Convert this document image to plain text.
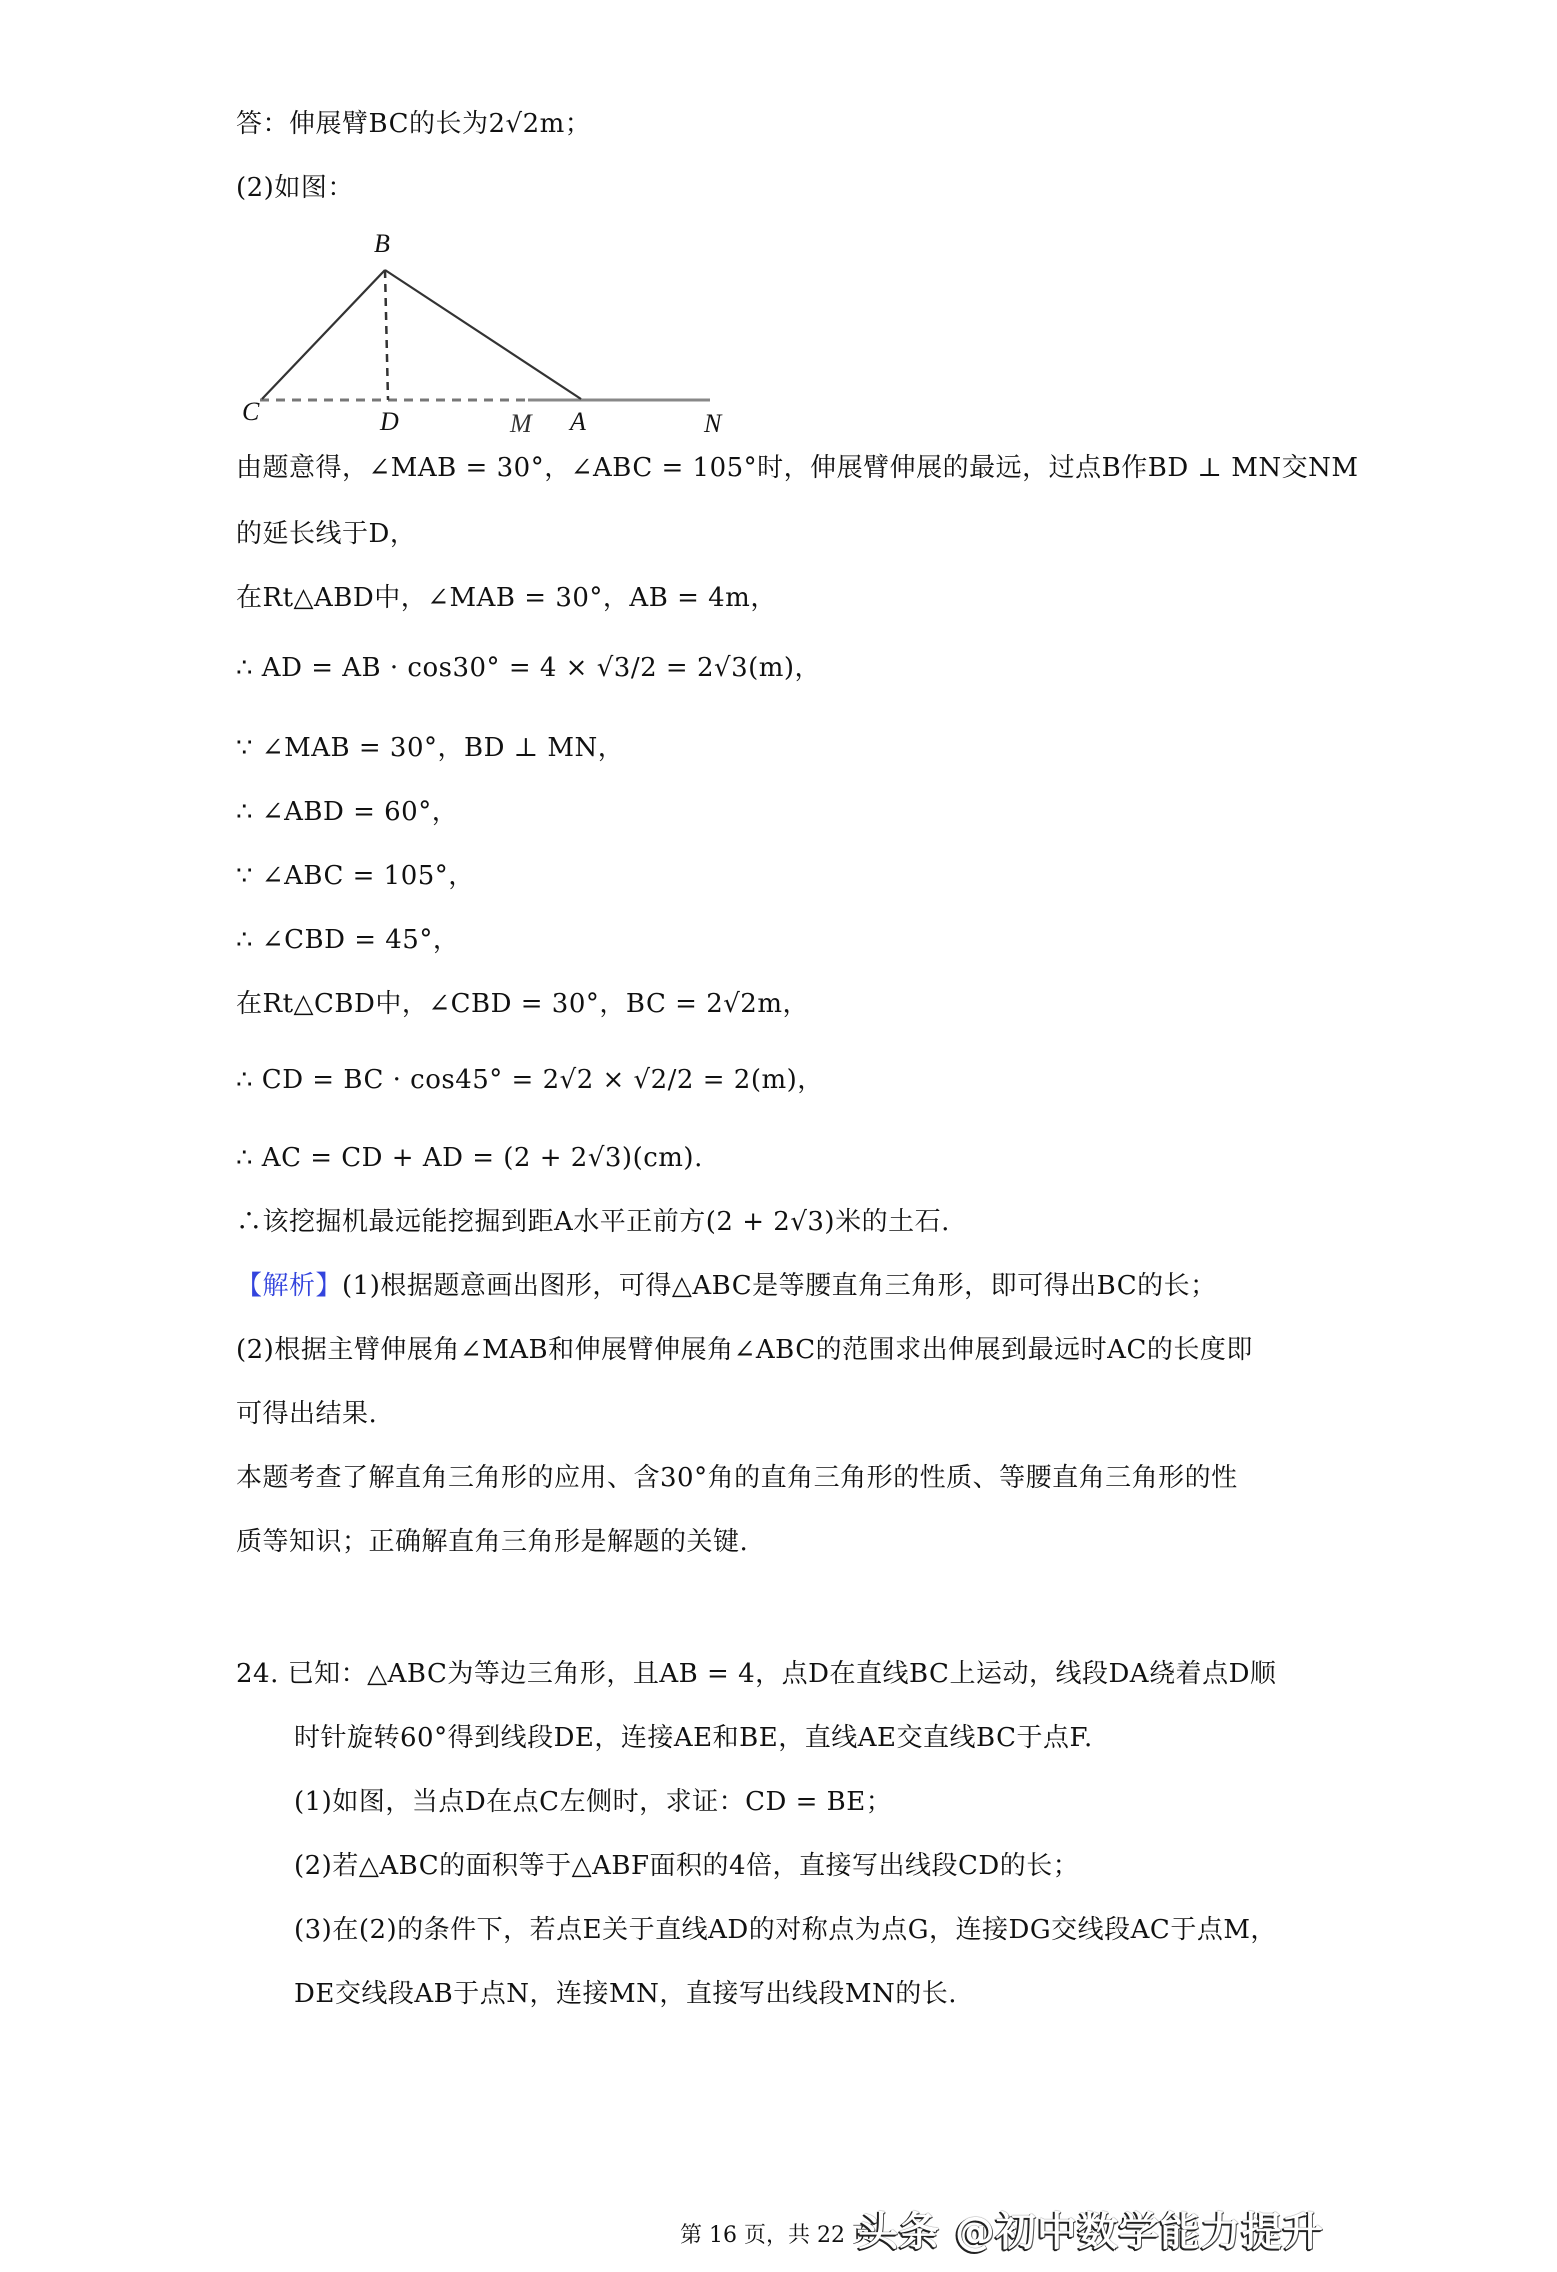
答：伸展臂BC的长为2√2m；
(2)如图：
B
C	D	M A	N
由题意得，∠MAB = 30°，∠ABC = 105°时，伸展臂伸展的最远，过点B作BD ⊥ MN交NM
的延长线于D，
在Rt△ABD中，∠MAB = 30°，AB = 4m，
∴ AD = AB · cos30° = 4 × √3/2 = 2√3(m)，
∵ ∠MAB = 30°，BD ⊥ MN，
∴ ∠ABD = 60°，
∵ ∠ABC = 105°，
∴ ∠CBD = 45°，
在Rt△CBD中，∠CBD = 30°，BC = 2√2m，
∴ CD = BC · cos45° = 2√2 × √2/2 = 2(m)，
∴ AC = CD + AD = (2 + 2√3)(cm).
∴该挖掘机最远能挖掘到距A水平正前方(2 + 2√3)米的土石.
【解析】(1)根据题意画出图形，可得△ABC是等腰直角三角形，即可得出BC的长；
(2)根据主臂伸展角∠MAB和伸展臂伸展角∠ABC的范围求出伸展到最远时AC的长度即
可得出结果.
本题考查了解直角三角形的应用、含30°角的直角三角形的性质、等腰直角三角形的性
质等知识；正确解直角三角形是解题的关键.
24. 已知：△ABC为等边三角形，且AB = 4，点D在直线BC上运动，线段DA绕着点D顺
时针旋转60°得到线段DE，连接AE和BE，直线AE交直线BC于点F.
(1)如图，当点D在点C左侧时，求证：CD = BE；
(2)若△ABC的面积等于△ABF面积的4倍，直接写出线段CD的长；
(3)在(2)的条件下，若点E关于直线AD的对称点为点G，连接DG交线段AC于点M，
DE交线段AB于点N，连接MN，直接写出线段MN的长.
第 16 页，共 22 页
头条 @初中数学能力提升
